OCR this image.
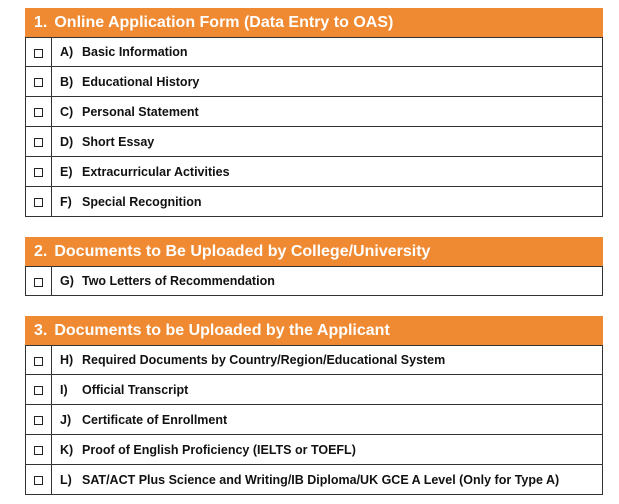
1. Online Application Form (Data Entry to OAS)
A) Basic Information
B) Educational History
C) Personal Statement
D) Short Essay
E) Extracurricular Activities
F) Special Recognition
2. Documents to Be Uploaded by College/University
G) Two Letters of Recommendation
3. Documents to be Uploaded by the Applicant
H) Required Documents by Country/Region/Educational System
I)	Official Transcript
J) Certificate of Enrollment
K) Proof of English Proficiency (IELTS or TOEFL)
L) SAT/ACT Plus Science and Writing/IB Diploma/UK GCE A Level (Only for Type A)
